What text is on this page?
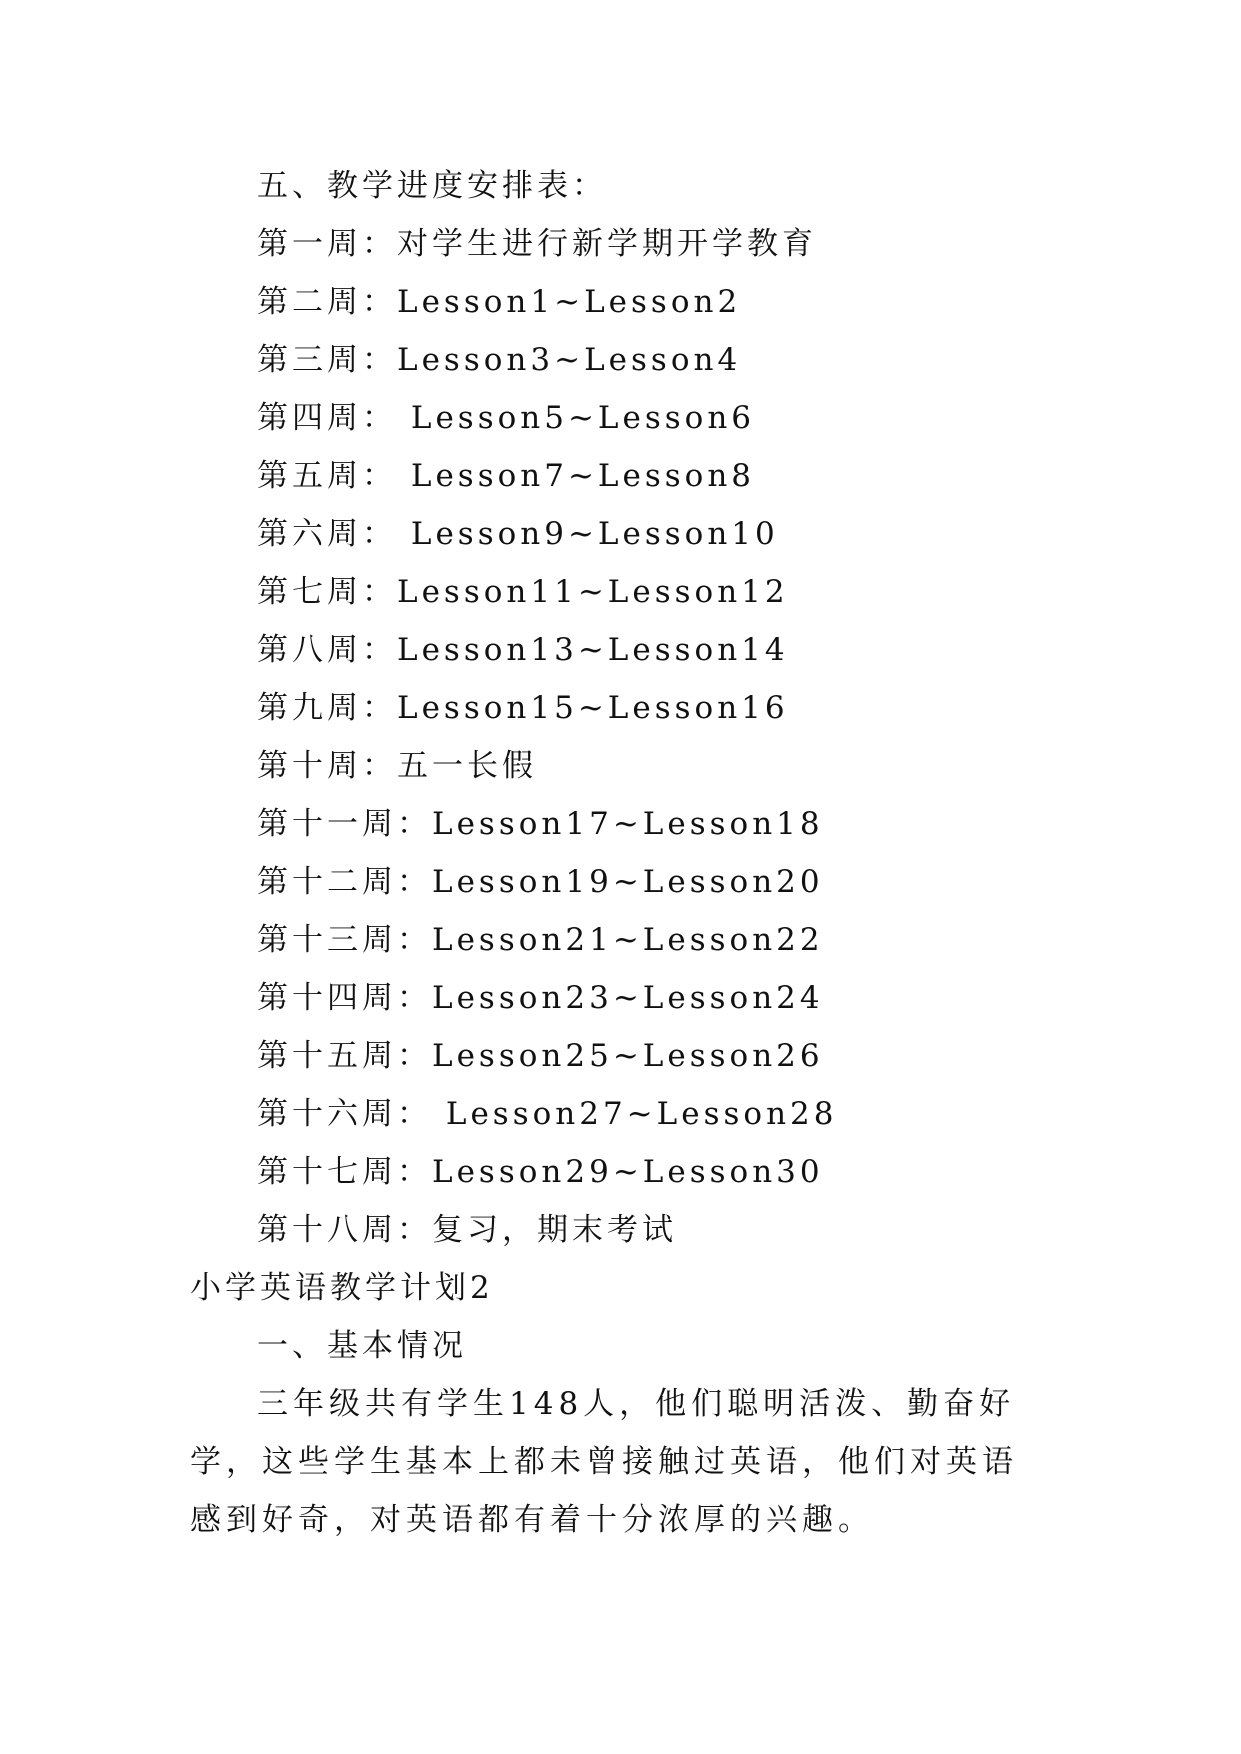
五、教学进度安排表：
第一周：对学生进行新学期开学教育
第二周：Lesson1~Lesson2
第三周：Lesson3~Lesson4
第四周： Lesson5~Lesson6
第五周： Lesson7~Lesson8
第六周： Lesson9~Lesson10
第七周：Lesson11~Lesson12
第八周：Lesson13~Lesson14
第九周：Lesson15~Lesson16
第十周：五一长假
第十一周：Lesson17~Lesson18
第十二周：Lesson19~Lesson20
第十三周：Lesson21~Lesson22
第十四周：Lesson23~Lesson24
第十五周：Lesson25~Lesson26
第十六周： Lesson27~Lesson28
第十七周：Lesson29~Lesson30
第十八周：复习，期末考试
小学英语教学计划2
一、基本情况
三年级共有学生148人，他们聪明活泼、勤奋好学，这些学生基本上都未曾接触过英语，他们对英语感到好奇，对英语都有着十分浓厚的兴趣。
